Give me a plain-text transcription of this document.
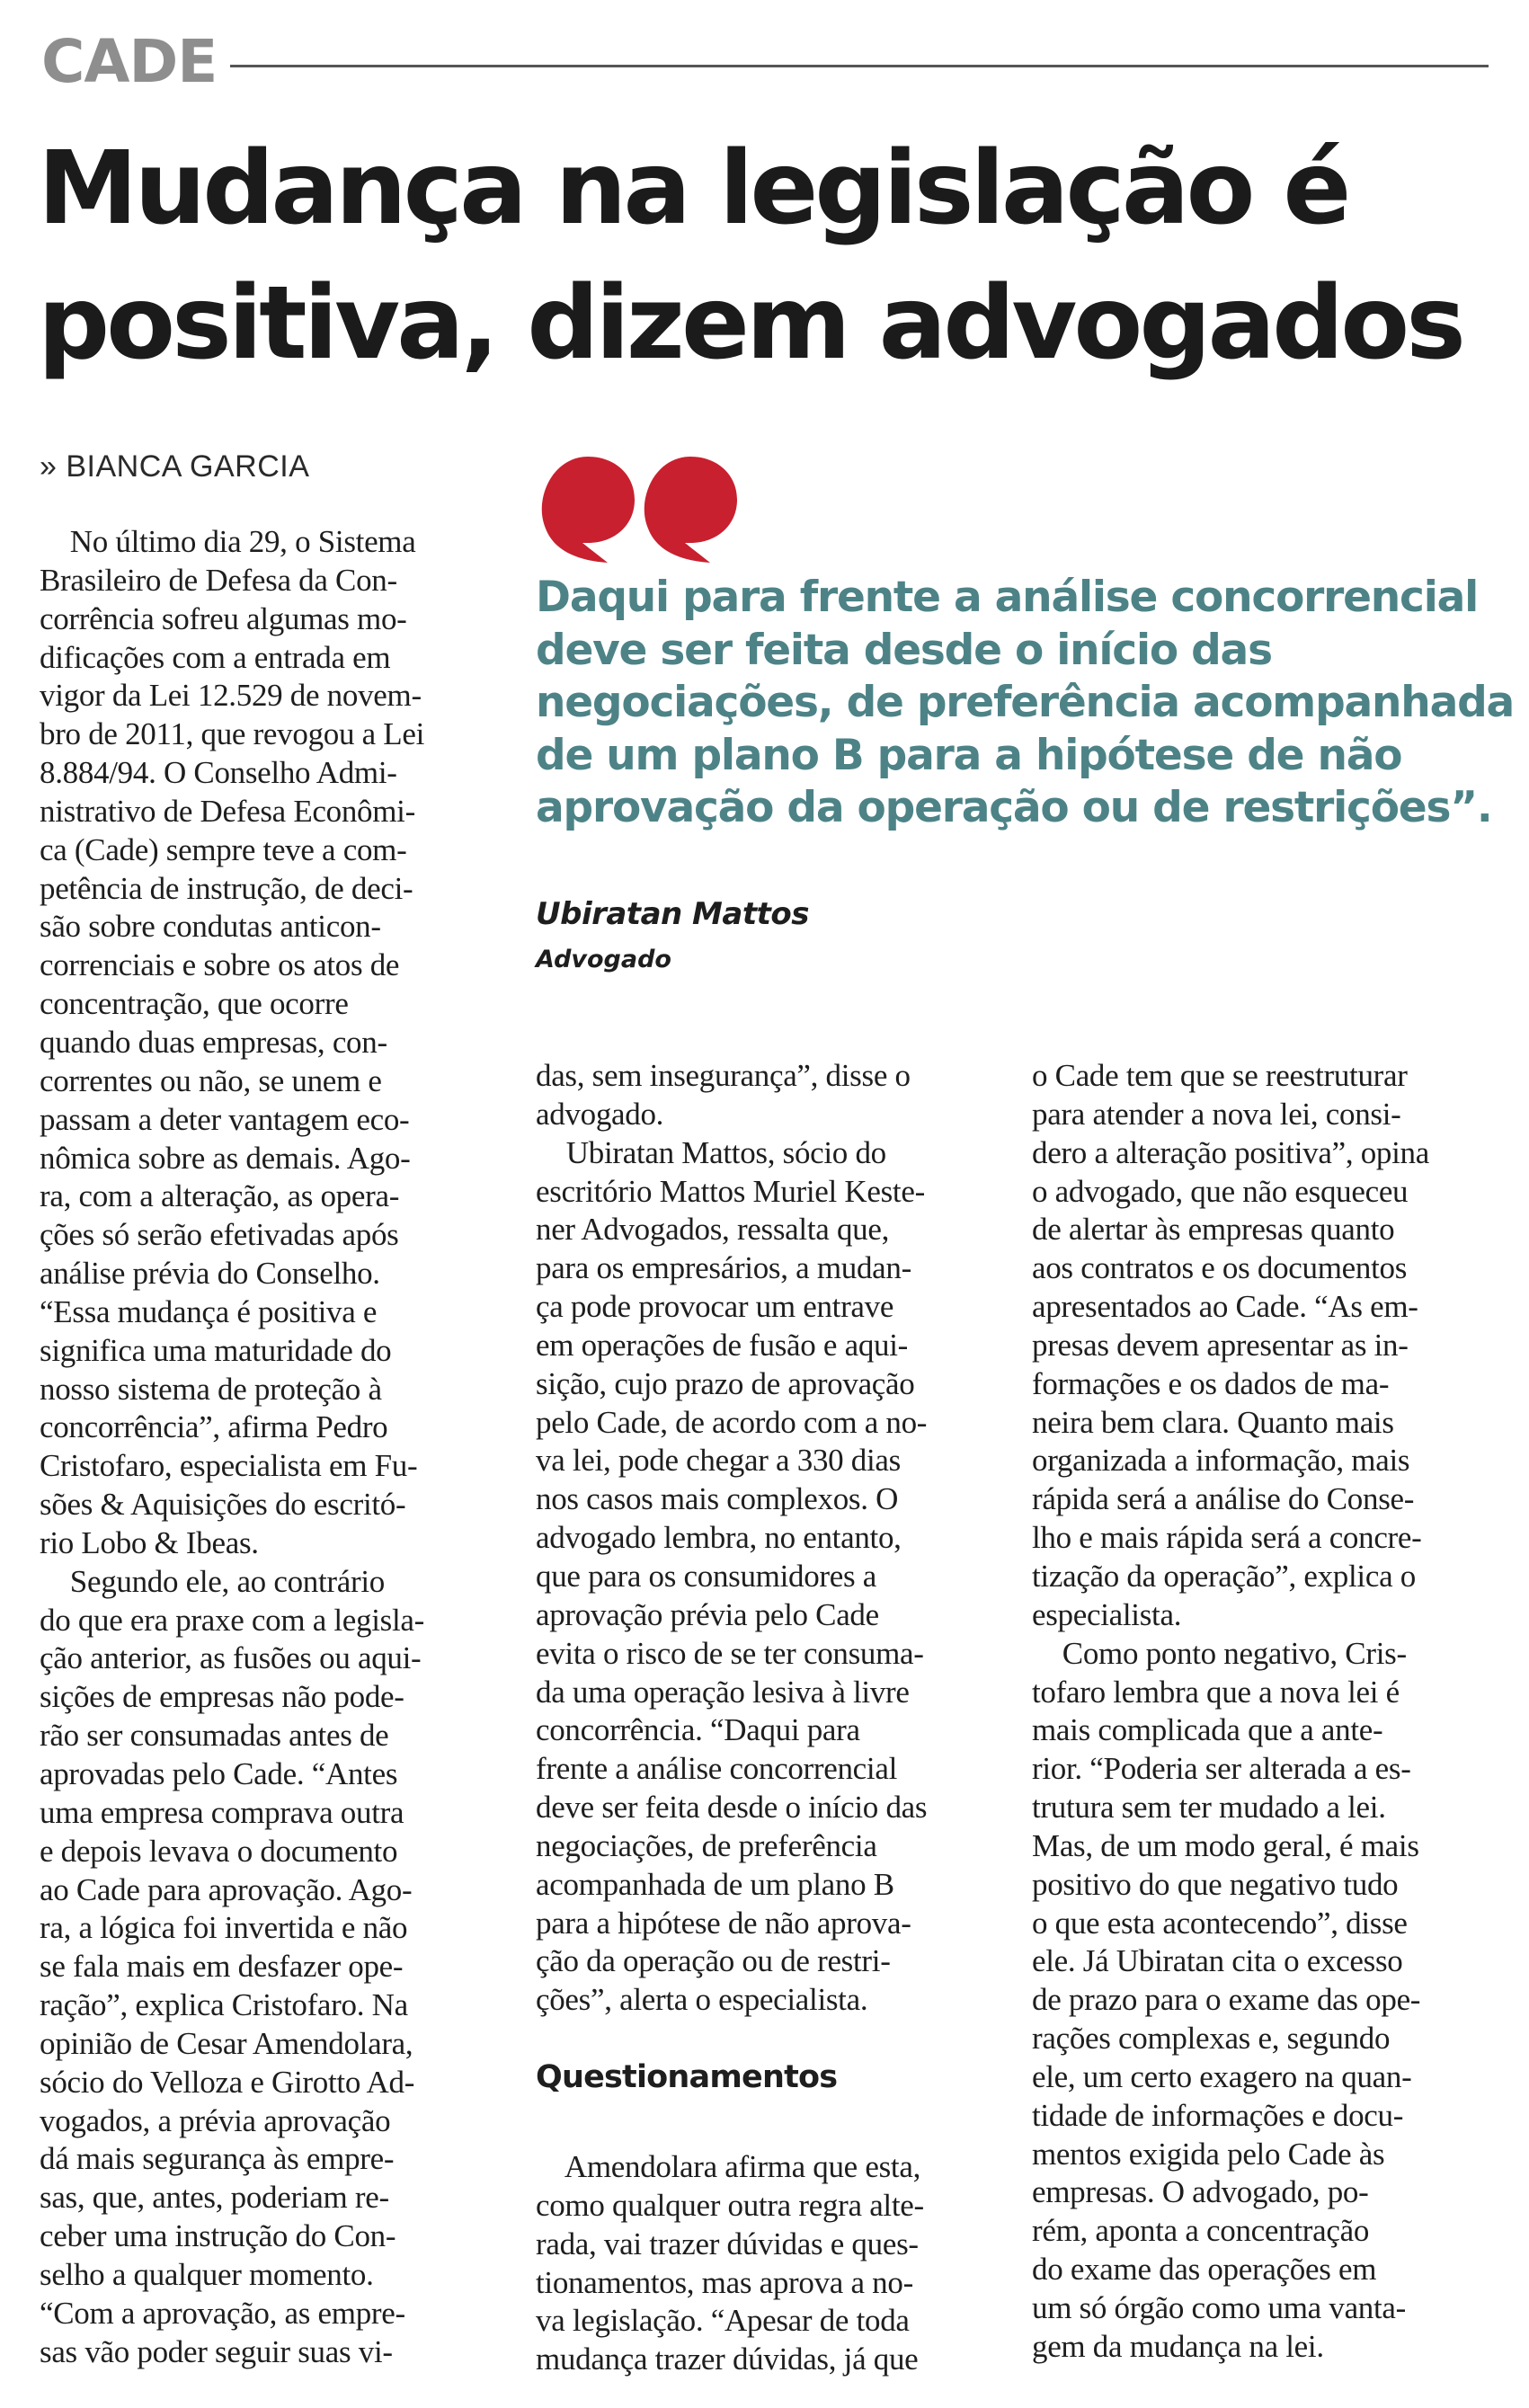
CADE
Mudança na legislação é
positiva, dizem advogados
» BIANCA GARCIA

Daqui para frente a análise concorrencial
deve ser feita desde o início das
negociações, de preferência acompanhada
de um plano B para a hipótese de não
aprovação da operação ou de restrições”.

Ubiratan Mattos
Advogado
No último dia 29, o Sistema
Brasileiro de Defesa da Con-
corrência sofreu algumas mo-
dificações com a entrada em
vigor da Lei 12.529 de novem-
bro de 2011, que revogou a Lei
8.884/94. O Conselho Admi-
nistrativo de Defesa Econômi-
ca (Cade) sempre teve a com-
petência de instrução, de deci-
são sobre condutas anticon-
correnciais e sobre os atos de
concentração, que ocorre
quando duas empresas, con-
correntes ou não, se unem e
passam a deter vantagem eco-
nômica sobre as demais. Ago-
ra, com a alteração, as opera-
ções só serão efetivadas após
análise prévia do Conselho.
“Essa mudança é positiva e
significa uma maturidade do
nosso sistema de proteção à
concorrência”, afirma Pedro
Cristofaro, especialista em Fu-
sões & Aquisições do escritó-
rio Lobo & Ibeas.
Segundo ele, ao contrário
do que era praxe com a legisla-
ção anterior, as fusões ou aqui-
sições de empresas não pode-
rão ser consumadas antes de
aprovadas pelo Cade. “Antes
uma empresa comprava outra
e depois levava o documento
ao Cade para aprovação. Ago-
ra, a lógica foi invertida e não
se fala mais em desfazer ope-
ração”, explica Cristofaro. Na
opinião de Cesar Amendolara,
sócio do Velloza e Girotto Ad-
vogados, a prévia aprovação
dá mais segurança às empre-
sas, que, antes, poderiam re-
ceber uma instrução do Con-
selho a qualquer momento.
“Com a aprovação, as empre-
sas vão poder seguir suas vi-
das, sem insegurança”, disse o
advogado.
Ubiratan Mattos, sócio do
escritório Mattos Muriel Keste-
ner Advogados, ressalta que,
para os empresários, a mudan-
ça pode provocar um entrave
em operações de fusão e aqui-
sição, cujo prazo de aprovação
pelo Cade, de acordo com a no-
va lei, pode chegar a 330 dias
nos casos mais complexos. O
advogado lembra, no entanto,
que para os consumidores a
aprovação prévia pelo Cade
evita o risco de se ter consuma-
da uma operação lesiva à livre
concorrência. “Daqui para
frente a análise concorrencial
deve ser feita desde o início das
negociações, de preferência
acompanhada de um plano B
para a hipótese de não aprova-
ção da operação ou de restri-
ções”, alerta o especialista.
o Cade tem que se reestruturar
para atender a nova lei, consi-
dero a alteração positiva”, opina
o advogado, que não esqueceu
de alertar às empresas quanto
aos contratos e os documentos
apresentados ao Cade. “As em-
presas devem apresentar as in-
formações e os dados de ma-
neira bem clara. Quanto mais
organizada a informação, mais
rápida será a análise do Conse-
lho e mais rápida será a concre-
tização da operação”, explica o
especialista.
Como ponto negativo, Cris-
tofaro lembra que a nova lei é
mais complicada que a ante-
rior. “Poderia ser alterada a es-
trutura sem ter mudado a lei.
Mas, de um modo geral, é mais
positivo do que negativo tudo
o que esta acontecendo”, disse
ele. Já Ubiratan cita o excesso
de prazo para o exame das ope-
rações complexas e, segundo
ele, um certo exagero na quan-
tidade de informações e docu-
mentos exigida pelo Cade às
empresas. O advogado, po-
rém, aponta a concentração
do exame das operações em
um só órgão como uma vanta-
gem da mudança na lei.
Questionamentos
Amendolara afirma que esta,
como qualquer outra regra alte-
rada, vai trazer dúvidas e ques-
tionamentos, mas aprova a no-
va legislação. “Apesar de toda
mudança trazer dúvidas, já que
